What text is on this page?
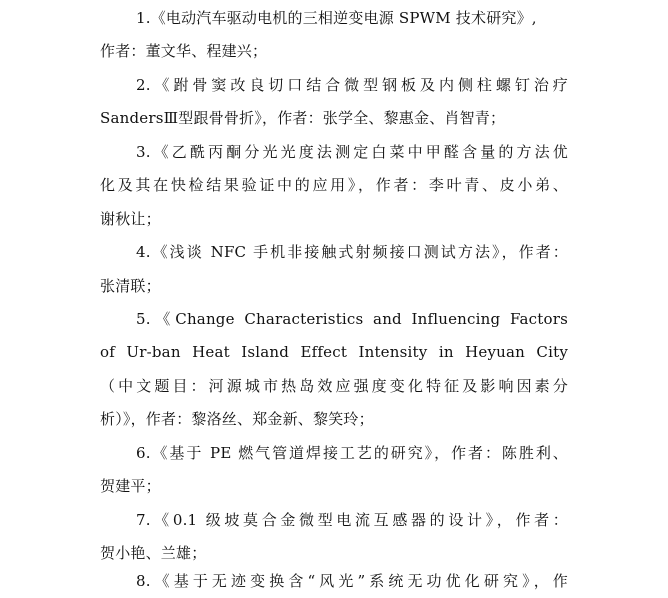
1.《电动汽车驱动电机的三相逆变电源 SPWM 技术研究》,
作者：董文华、程建兴；
2.《跗骨窦改良切口结合微型钢板及内侧柱螺钉治疗
SandersⅢ型跟骨骨折》，作者：张学全、黎惠金、肖智青；
3.《乙酰丙酮分光光度法测定白菜中甲醛含量的方法优
化及其在快检结果验证中的应用》，作者：李叶青、皮小弟、
谢秋让；
4.《浅谈 NFC 手机非接触式射频接口测试方法》，作者：
张清联；
5.《Change Characteristics and Influencing Factors
of Ur-ban Heat Island Effect Intensity in Heyuan City
（中文题目：河源城市热岛效应强度变化特征及影响因素分
析）》，作者：黎洛丝、郑金新、黎笑玲；
6.《基于 PE 燃气管道焊接工艺的研究》，作者：陈胜利、
贺建平；
7.《0.1 级坡莫合金微型电流互感器的设计》，作者：
贺小艳、兰雄；
8.《基于无迹变换含“风光”系统无功优化研究》，作
